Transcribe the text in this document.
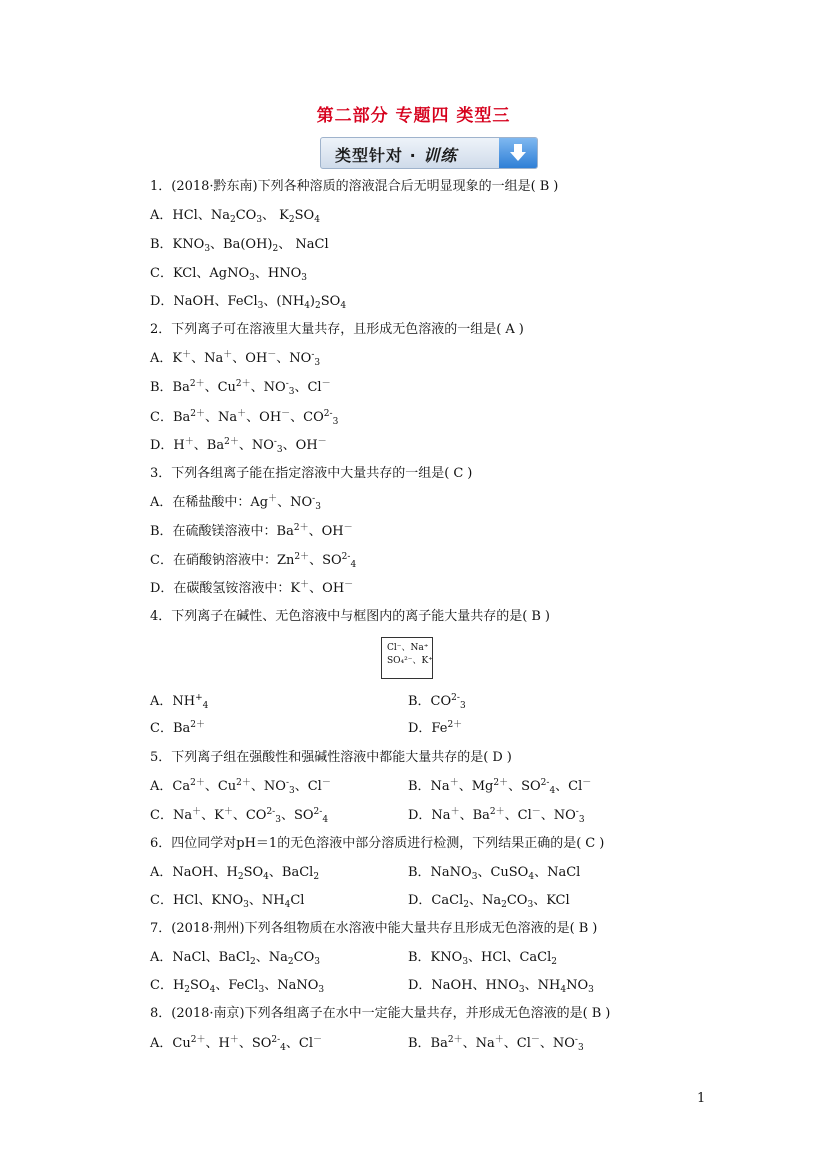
第二部分 专题四 类型三
类型针对 · 训练
1．(2018·黔东南)下列各种溶质的溶液混合后无明显现象的一组是( B )
A．HCl、$Na_2CO_3$、 $K_2SO_4$
B．$KNO_3$、$Ba(OH)_2$、 NaCl
C．KCl、AgNO$_3$、$HNO_3$
D．NaOH、FeCl$_3$、$(NH_4)_2SO_4$
2．下列离子可在溶液里大量共存，且形成无色溶液的一组是( A )
A．K＋、Na＋、OH－、$NO^-_3$
B．$Ba^{2+}$、$Cu^{2+}$、$NO^-_3$、Cl－
C．$Ba^{2+}$、Na＋、OH－、$CO^{2-}_3$
D．H＋、$Ba^{2+}$、$NO^-_3$、OH－
3．下列各组离子能在指定溶液中大量共存的一组是( C )
A．在稀盐酸中：Ag＋、$NO^-_3$
B．在硫酸镁溶液中：$Ba^{2+}$、OH－
C．在硝酸钠溶液中：$Zn^{2+}$、$SO^{2-}_4$
D．在碳酸氢铵溶液中：K＋、OH－
4．下列离子在碱性、无色溶液中与框图内的离子能大量共存的是( B )
Cl⁻、Na⁺
SO₄²⁻、K⁺
A．$NH^+_4$	B．$CO^{2-}_3$
C．$Ba^{2+}$	D．$Fe^{2+}$
5．下列离子组在强酸性和强碱性溶液中都能大量共存的是( D )
A．$Ca^{2+}$、$Cu^{2+}$、$NO^-_3$、Cl－	B．Na＋、$Mg^{2+}$、$SO^{2-}_4$、Cl－
C．Na＋、K＋、$CO^{2-}_3$、$SO^{2-}_4$	D．Na＋、$Ba^{2+}$、Cl－、$NO^-_3$
6．四位同学对pH＝1的无色溶液中部分溶质进行检测，下列结果正确的是( C )
A．NaOH、$H_2SO_4$、BaCl$_2$	B．NaNO$_3$、CuSO$_4$、NaCl
C．HCl、$KNO_3$、$NH_4Cl$	D．CaCl$_2$、$Na_2CO_3$、KCl
7．(2018·荆州)下列各组物质在水溶液中能大量共存且形成无色溶液的是( B )
A．NaCl、BaCl$_2$、$Na_2CO_3$	B．$KNO_3$、HCl、CaCl$_2$
C．$H_2SO_4$、FeCl$_3$、NaNO$_3$	D．NaOH、$HNO_3$、$NH_4NO_3$
8．(2018·南京)下列各组离子在水中一定能大量共存，并形成无色溶液的是( B )
A．$Cu^{2+}$、H＋、$SO^{2-}_4$、Cl－	B．$Ba^{2+}$、Na＋、Cl－、$NO^-_3$
1
